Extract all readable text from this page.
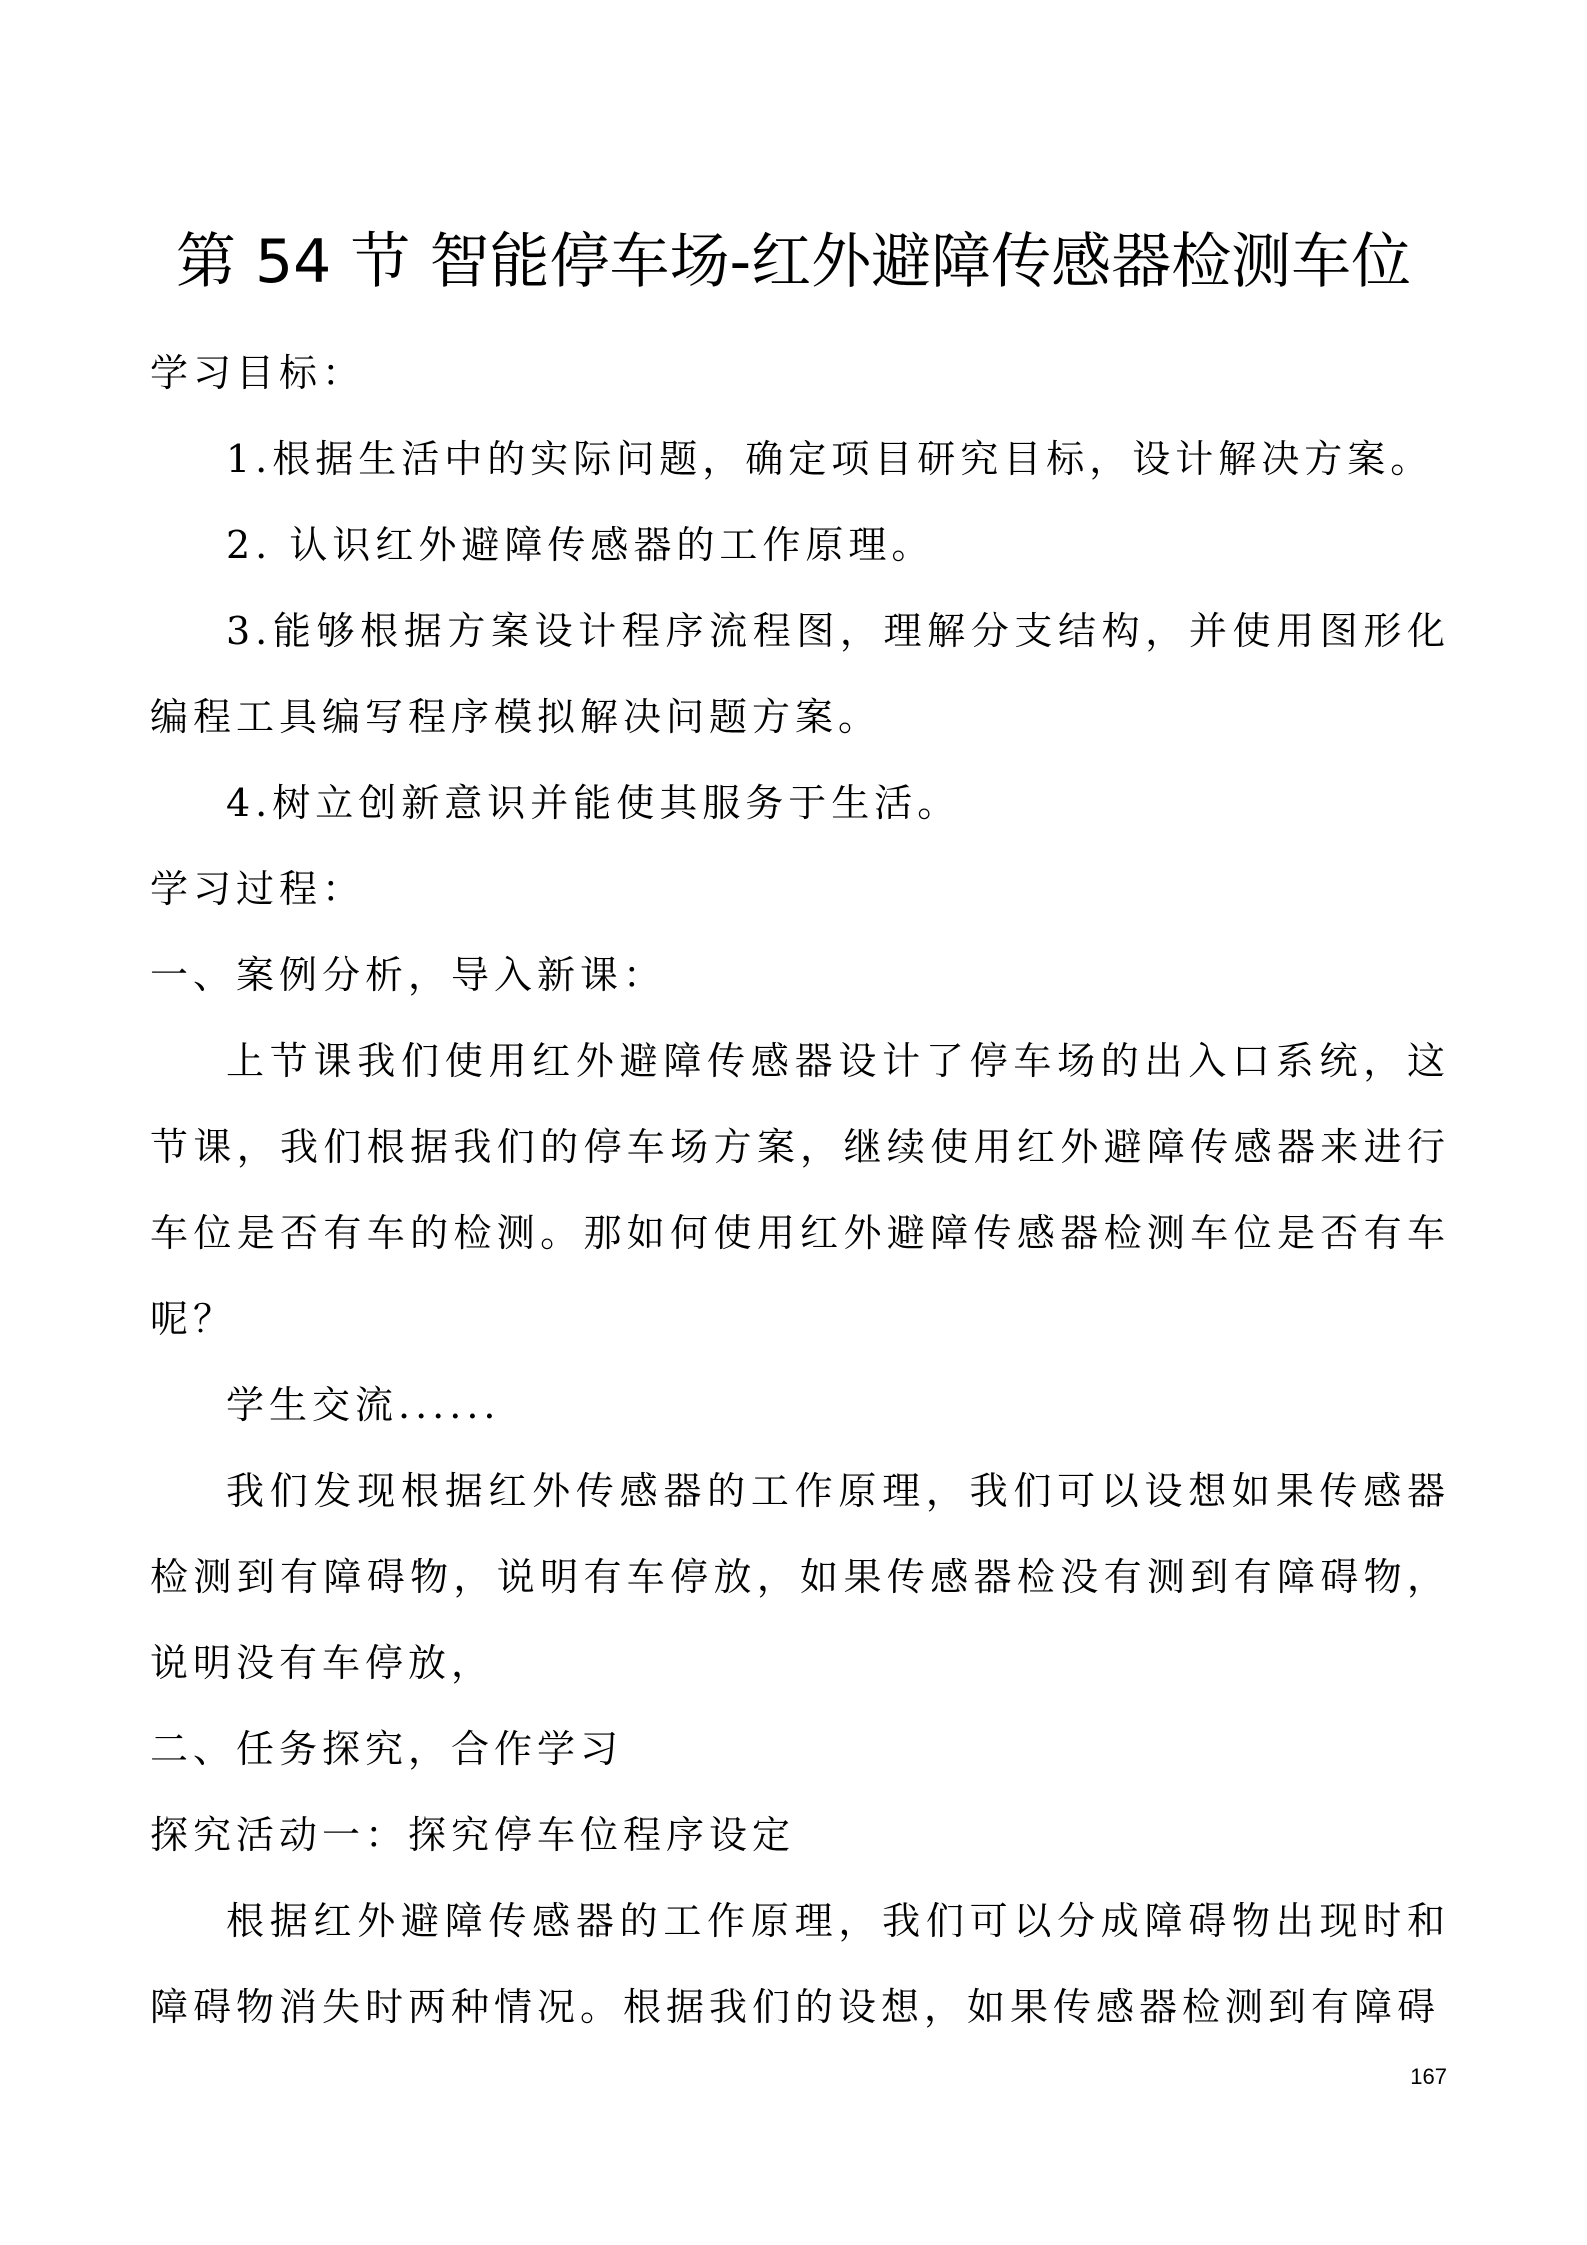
第 54 节 智能停车场-红外避障传感器检测车位

学习目标：

1.根据生活中的实际问题，确定项目研究目标，设计解决方案。

2. 认识红外避障传感器的工作原理。

3.能够根据方案设计程序流程图，理解分支结构，并使用图形化编程工具编写程序模拟解决问题方案。

4.树立创新意识并能使其服务于生活。

学习过程：

一、案例分析，导入新课：

上节课我们使用红外避障传感器设计了停车场的出入口系统，这节课，我们根据我们的停车场方案，继续使用红外避障传感器来进行车位是否有车的检测。那如何使用红外避障传感器检测车位是否有车呢？

学生交流......

我们发现根据红外传感器的工作原理，我们可以设想如果传感器检测到有障碍物，说明有车停放，如果传感器检没有测到有障碍物，说明没有车停放，

二、任务探究，合作学习

探究活动一：探究停车位程序设定

根据红外避障传感器的工作原理，我们可以分成障碍物出现时和障碍物消失时两种情况。根据我们的设想，如果传感器检测到有障碍

167
